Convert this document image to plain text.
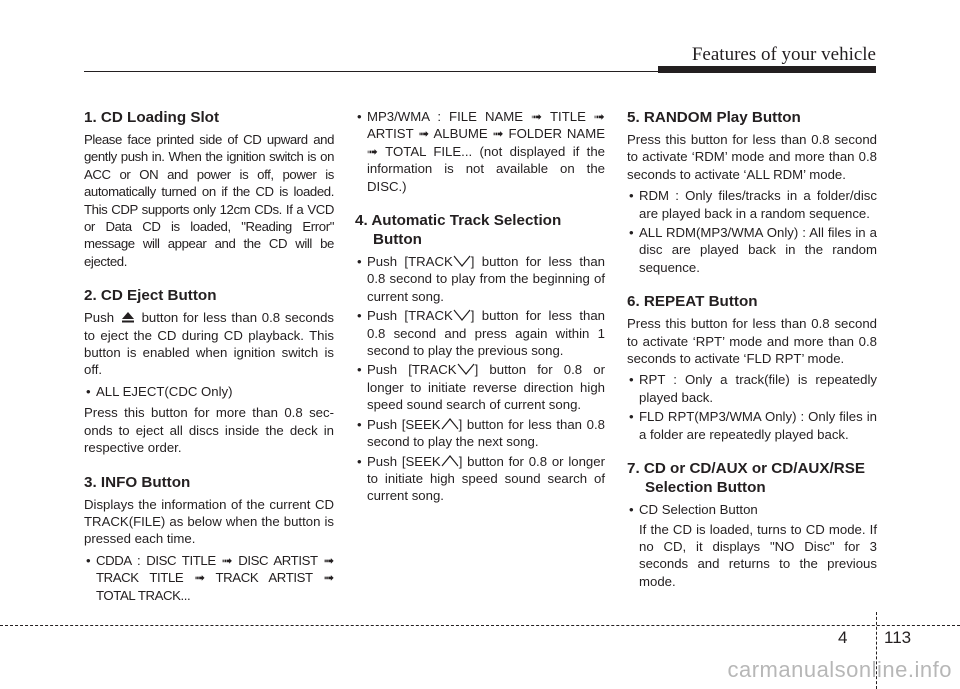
Features of your vehicle
1. CD Loading Slot

Please face printed side of CD upward and gently push in. When the ignition switch is on ACC or ON and power is off, power is automatically turned on if the CD is loaded. This CDP supports only 12cm CDs. If a VCD or Data CD is loaded, "Reading Error" message will appear and the CD will be ejected.

2. CD Eject Button

Push button for less than 0.8 seconds to eject the CD during CD playback. This button is enabled when ignition switch is off.

• ALL EJECT(CDC Only)

Press this button for more than 0.8 sec-onds to eject all discs inside the deck in respective order.

3. INFO Button

Displays the information of the current CD TRACK(FILE) as below when the button is pressed each time.

• CDDA : DISC TITLE ➟ DISC ARTIST ➟ TRACK TITLE ➟ TRACK ARTIST ➟ TOTAL TRACK...
• MP3/WMA : FILE NAME ➟ TITLE ➟ ARTIST ➟ ALBUME ➟ FOLDER NAME ➟ TOTAL FILE... (not displayed if the information is not available on the DISC.)
4. Automatic Track Selection Button
• Push [TRACK ] button for less than 0.8 second to play from the beginning of current song.
• Push [TRACK ] button for less than 0.8 second and press again within 1 second to play the previous song.
• Push [TRACK ] button for 0.8 or longer to initiate reverse direction high speed sound search of current song.
• Push [SEEK ] button for less than 0.8 second to play the next song.
• Push [SEEK ] button for 0.8 or longer to initiate high speed sound search of current song.
5. RANDOM Play Button

Press this button for less than 0.8 second to activate ‘RDM’ mode and more than 0.8 seconds to activate ‘ALL RDM’ mode.

• RDM : Only files/tracks in a folder/disc are played back in a random sequence.
• ALL RDM(MP3/WMA Only) : All files in a disc are played back in the random sequence.
6. REPEAT Button

Press this button for less than 0.8 second to activate ‘RPT’ mode and more than 0.8 seconds to activate ‘FLD RPT’ mode.

• RPT : Only a track(file) is repeatedly played back.
• FLD RPT(MP3/WMA Only) : Only files in a folder are repeatedly played back.
7. CD or CD/AUX or CD/AUX/RSE Selection Button
• CD Selection Button
If the CD is loaded, turns to CD mode. If no CD, it displays "NO Disc" for 3 seconds and returns to the previous mode.
4 113
carmanualsonline.info
